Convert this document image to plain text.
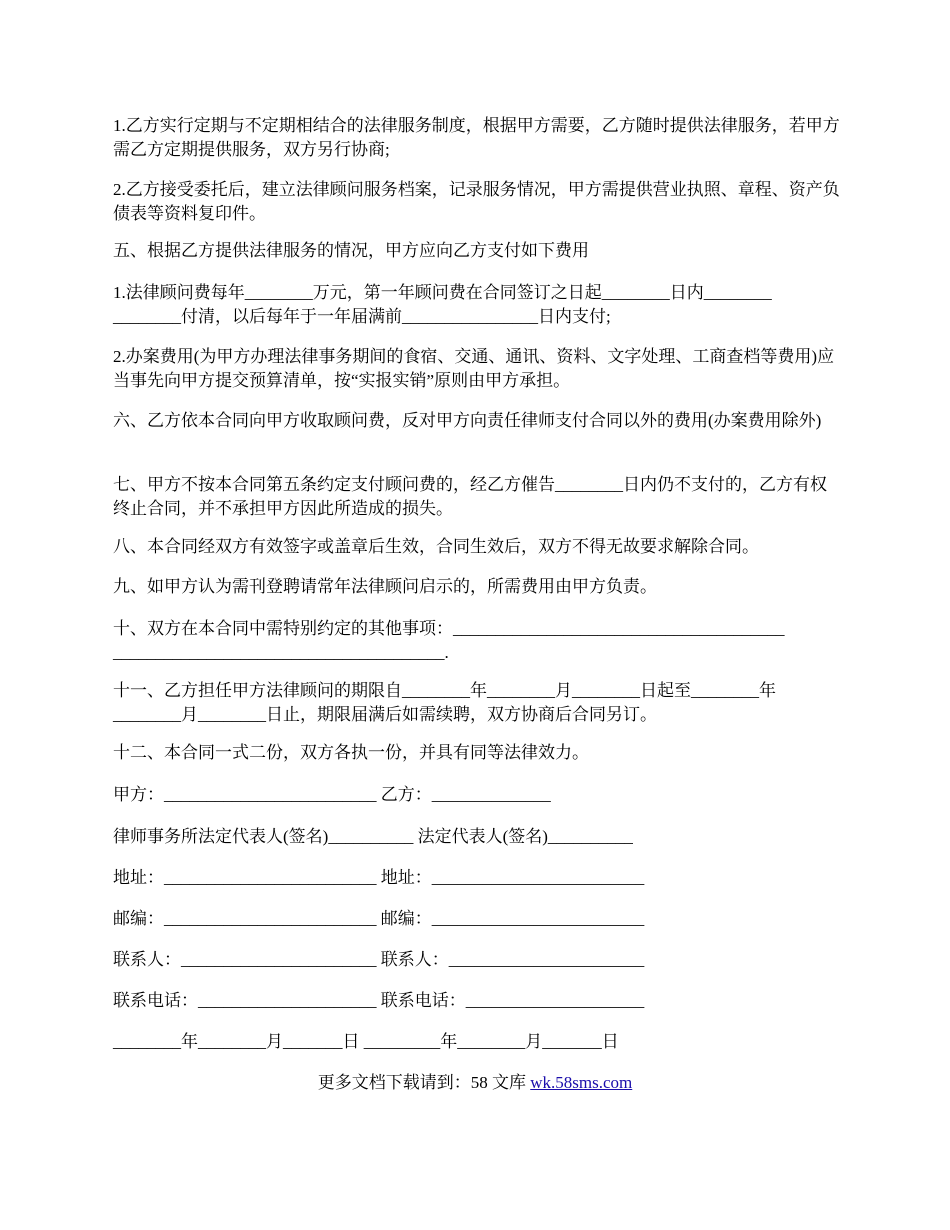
1.乙方实行定期与不定期相结合的法律服务制度，根据甲方需要，乙方随时提供法律服务，若甲方需乙方定期提供服务，双方另行协商;

2.乙方接受委托后，建立法律顾问服务档案，记录服务情况，甲方需提供营业执照、章程、资产负债表等资料复印件。

五、根据乙方提供法律服务的情况，甲方应向乙方支付如下费用

1.法律顾问费每年________万元，第一年顾问费在合同签订之日起________日内________
________付清，以后每年于一年届满前________________日内支付;

2.办案费用(为甲方办理法律事务期间的食宿、交通、通讯、资料、文字处理、工商查档等费用)应当事先向甲方提交预算清单，按“实报实销”原则由甲方承担。

六、乙方依本合同向甲方收取顾问费，反对甲方向责任律师支付合同以外的费用(办案费用除外)

七、甲方不按本合同第五条约定支付顾问费的，经乙方催告________日内仍不支付的，乙方有权终止合同，并不承担甲方因此所造成的损失。

八、本合同经双方有效签字或盖章后生效，合同生效后，双方不得无故要求解除合同。

九、如甲方认为需刊登聘请常年法律顾问启示的，所需费用由甲方负责。

十、双方在本合同中需特别约定的其他事项：_______________________________________
_______________________________________.

十一、乙方担任甲方法律顾问的期限自________年________月________日起至________年
________月________日止，期限届满后如需续聘，双方协商后合同另订。

十二、本合同一式二份，双方各执一份，并具有同等法律效力。

甲方：_________________________ 乙方：______________

律师事务所法定代表人(签名)__________ 法定代表人(签名)__________

地址：_________________________ 地址：_________________________

邮编：_________________________ 邮编：_________________________

联系人：_______________________ 联系人：_______________________

联系电话：_____________________ 联系电话：_____________________

________年________月_______日 _________年________月_______日

更多文档下载请到：58 文库 wk.58sms.com
